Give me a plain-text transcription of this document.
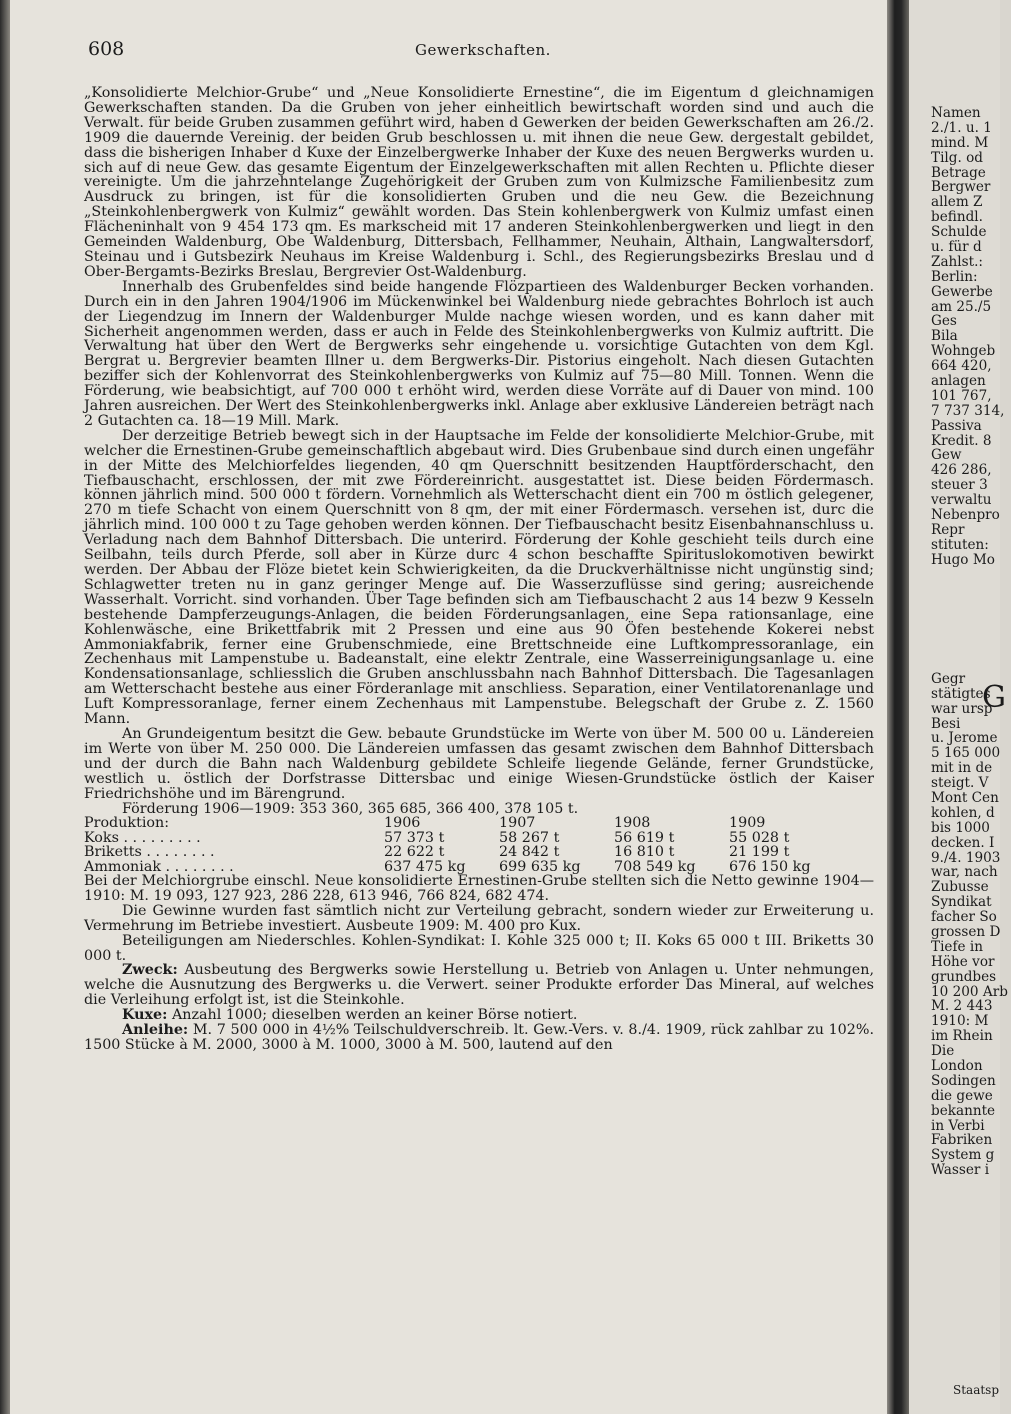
608	Gewerkschaften.

„Konsolidierte Melchior-Grube“ und „Neue Konsolidierte Ernestine“, die im Eigentum d gleichnamigen Gewerkschaften standen. Da die Gruben von jeher einheitlich bewirtschaft worden sind und auch die Verwalt. für beide Gruben zusammen geführt wird, haben d Gewerken der beiden Gewerkschaften am 26./2. 1909 die dauernde Vereinig. der beiden Grub beschlossen u. mit ihnen die neue Gew. dergestalt gebildet, dass die bisherigen Inhaber d Kuxe der Einzelbergwerke Inhaber der Kuxe des neuen Bergwerks wurden u. sich auf di neue Gew. das gesamte Eigentum der Einzelgewerkschaften mit allen Rechten u. Pflichte dieser vereinigte. Um die jahrzehntelange Zugehörigkeit der Gruben zum von Kulmizsche Familienbesitz zum Ausdruck zu bringen, ist für die konsolidierten Gruben und die neu Gew. die Bezeichnung „Steinkohlenbergwerk von Kulmiz“ gewählt worden. Das Stein kohlenbergwerk von Kulmiz umfast einen Flächeninhalt von 9 454 173 qm. Es markscheid mit 17 anderen Steinkohlenbergwerken und liegt in den Gemeinden Waldenburg, Obe Waldenburg, Dittersbach, Fellhammer, Neuhain, Althain, Langwaltersdorf, Steinau und i Gutsbezirk Neuhaus im Kreise Waldenburg i. Schl., des Regierungsbezirks Breslau und d Ober-Bergamts-Bezirks Breslau, Bergrevier Ost-Waldenburg.

Innerhalb des Grubenfeldes sind beide hangende Flözpartieen des Waldenburger Becken vorhanden. Durch ein in den Jahren 1904/1906 im Mückenwinkel bei Waldenburg niede gebrachtes Bohrloch ist auch der Liegendzug im Innern der Waldenburger Mulde nachge wiesen worden, und es kann daher mit Sicherheit angenommen werden, dass er auch in Felde des Steinkohlenbergwerks von Kulmiz auftritt. Die Verwaltung hat über den Wert de Bergwerks sehr eingehende u. vorsichtige Gutachten von dem Kgl. Bergrat u. Bergrevier beamten Illner u. dem Bergwerks-Dir. Pistorius eingeholt. Nach diesen Gutachten beziffer sich der Kohlenvorrat des Steinkohlenbergwerks von Kulmiz auf 75—80 Mill. Tonnen. Wenn die Förderung, wie beabsichtigt, auf 700 000 t erhöht wird, werden diese Vorräte auf di Dauer von mind. 100 Jahren ausreichen. Der Wert des Steinkohlenbergwerks inkl. Anlage aber exklusive Ländereien beträgt nach 2 Gutachten ca. 18—19 Mill. Mark.

Der derzeitige Betrieb bewegt sich in der Hauptsache im Felde der konsolidierte Melchior-Grube, mit welcher die Ernestinen-Grube gemeinschaftlich abgebaut wird. Dies Grubenbaue sind durch einen ungefähr in der Mitte des Melchiorfeldes liegenden, 40 qm Querschnitt besitzenden Hauptförderschacht, den Tiefbauschacht, erschlossen, der mit zwe Fördereinricht. ausgestattet ist. Diese beiden Fördermasch. können jährlich mind. 500 000 t fördern. Vornehmlich als Wetterschacht dient ein 700 m östlich gelegener, 270 m tiefe Schacht von einem Querschnitt von 8 qm, der mit einer Fördermasch. versehen ist, durc die jährlich mind. 100 000 t zu Tage gehoben werden können. Der Tiefbauschacht besitz Eisenbahnanschluss u. Verladung nach dem Bahnhof Dittersbach. Die unterird. Förderung der Kohle geschieht teils durch eine Seilbahn, teils durch Pferde, soll aber in Kürze durc 4 schon beschaffte Spirituslokomotiven bewirkt werden. Der Abbau der Flöze bietet kein Schwierigkeiten, da die Druckverhältnisse nicht ungünstig sind; Schlagwetter treten nu in ganz geringer Menge auf. Die Wasserzuflüsse sind gering; ausreichende Wasserhalt. Vorricht. sind vorhanden. Über Tage befinden sich am Tiefbauschacht 2 aus 14 bezw 9 Kesseln bestehende Dampferzeugungs-Anlagen, die beiden Förderungsanlagen, eine Sepa rationsanlage, eine Kohlenwäsche, eine Brikettfabrik mit 2 Pressen und eine aus 90 Öfen bestehende Kokerei nebst Ammoniakfabrik, ferner eine Grubenschmiede, eine Brettschneide eine Luftkompressoranlage, ein Zechenhaus mit Lampenstube u. Badeanstalt, eine elektr Zentrale, eine Wasserreinigungsanlage u. eine Kondensationsanlage, schliesslich die Gruben anschlussbahn nach Bahnhof Dittersbach. Die Tagesanlagen am Wetterschacht bestehe aus einer Förderanlage mit anschliess. Separation, einer Ventilatorenanlage und Luft Kompressoranlage, ferner einem Zechenhaus mit Lampenstube. Belegschaft der Grube z. Z. 1560 Mann.

An Grundeigentum besitzt die Gew. bebaute Grundstücke im Werte von über M. 500 00 u. Ländereien im Werte von über M. 250 000. Die Ländereien umfassen das gesamt zwischen dem Bahnhof Dittersbach und der durch die Bahn nach Waldenburg gebildete Schleife liegende Gelände, ferner Grundstücke, westlich u. östlich der Dorfstrasse Dittersbac und einige Wiesen-Grundstücke östlich der Kaiser Friedrichshöhe und im Bärengrund.

Förderung 1906—1909: 353 360, 365 685, 366 400, 378 105 t.

Produktion:	1906	1907	1908	1909
Koks . . . . . . . . .	57 373 t	58 267 t	56 619 t	55 028 t
Briketts . . . . . . . .	22 622 t	24 842 t	16 810 t	21 199 t
Ammoniak . . . . . . . .	637 475 kg	699 635 kg	708 549 kg	676 150 kg

Bei der Melchiorgrube einschl. Neue konsolidierte Ernestinen-Grube stellten sich die Netto gewinne 1904—1910: M. 19 093, 127 923, 286 228, 613 946, 766 824, 682 474.

Die Gewinne wurden fast sämtlich nicht zur Verteilung gebracht, sondern wieder zur Erweiterung u. Vermehrung im Betriebe investiert. Ausbeute 1909: M. 400 pro Kux.

Beteiligungen am Niederschles. Kohlen-Syndikat: I. Kohle 325 000 t; II. Koks 65 000 t III. Briketts 30 000 t.

Zweck: Ausbeutung des Bergwerks sowie Herstellung u. Betrieb von Anlagen u. Unter nehmungen, welche die Ausnutzung des Bergwerks u. die Verwert. seiner Produkte erforder Das Mineral, auf welches die Verleihung erfolgt ist, ist die Steinkohle.

Kuxe: Anzahl 1000; dieselben werden an keiner Börse notiert.

Anleihe: M. 7 500 000 in 4½% Teilschuldverschreib. lt. Gew.-Vers. v. 8./4. 1909, rück zahlbar zu 102%. 1500 Stücke à M. 2000, 3000 à M. 1000, 3000 à M. 500, lautend auf den

Namen
2./1. u. 1
mind. M
Tilg. od
Betrage
Bergwer
allem Z
befindl.
Schulde
u. für d
Zahlst.:
Berlin:
Gewerbe
am 25./5
Ges
Bila
Wohngeb
664 420,
anlagen
101 767,
7 737 314,
Passiva
Kredit. 8
Gew
426 286,
steuer 3
verwaltu
Nebenpro
Repr
stituten:
Hugo Mo
Gegr
stätigtes
war ursp
Besi
u. Jerome
5 165 000
mit in de
steigt. V
Mont Cen
kohlen, d
bis 1000
decken. I
9./4. 1903
war, nach
Zubusse
Syndikat
facher So
grossen D
Tiefe in
Höhe vor
grundbes
10 200 Arb
M. 2 443
1910: M
im Rhein
Die
London
Sodingen
die gewe
bekannte
in Verbi
Fabriken
System g
Wasser i
G
Staatsp
